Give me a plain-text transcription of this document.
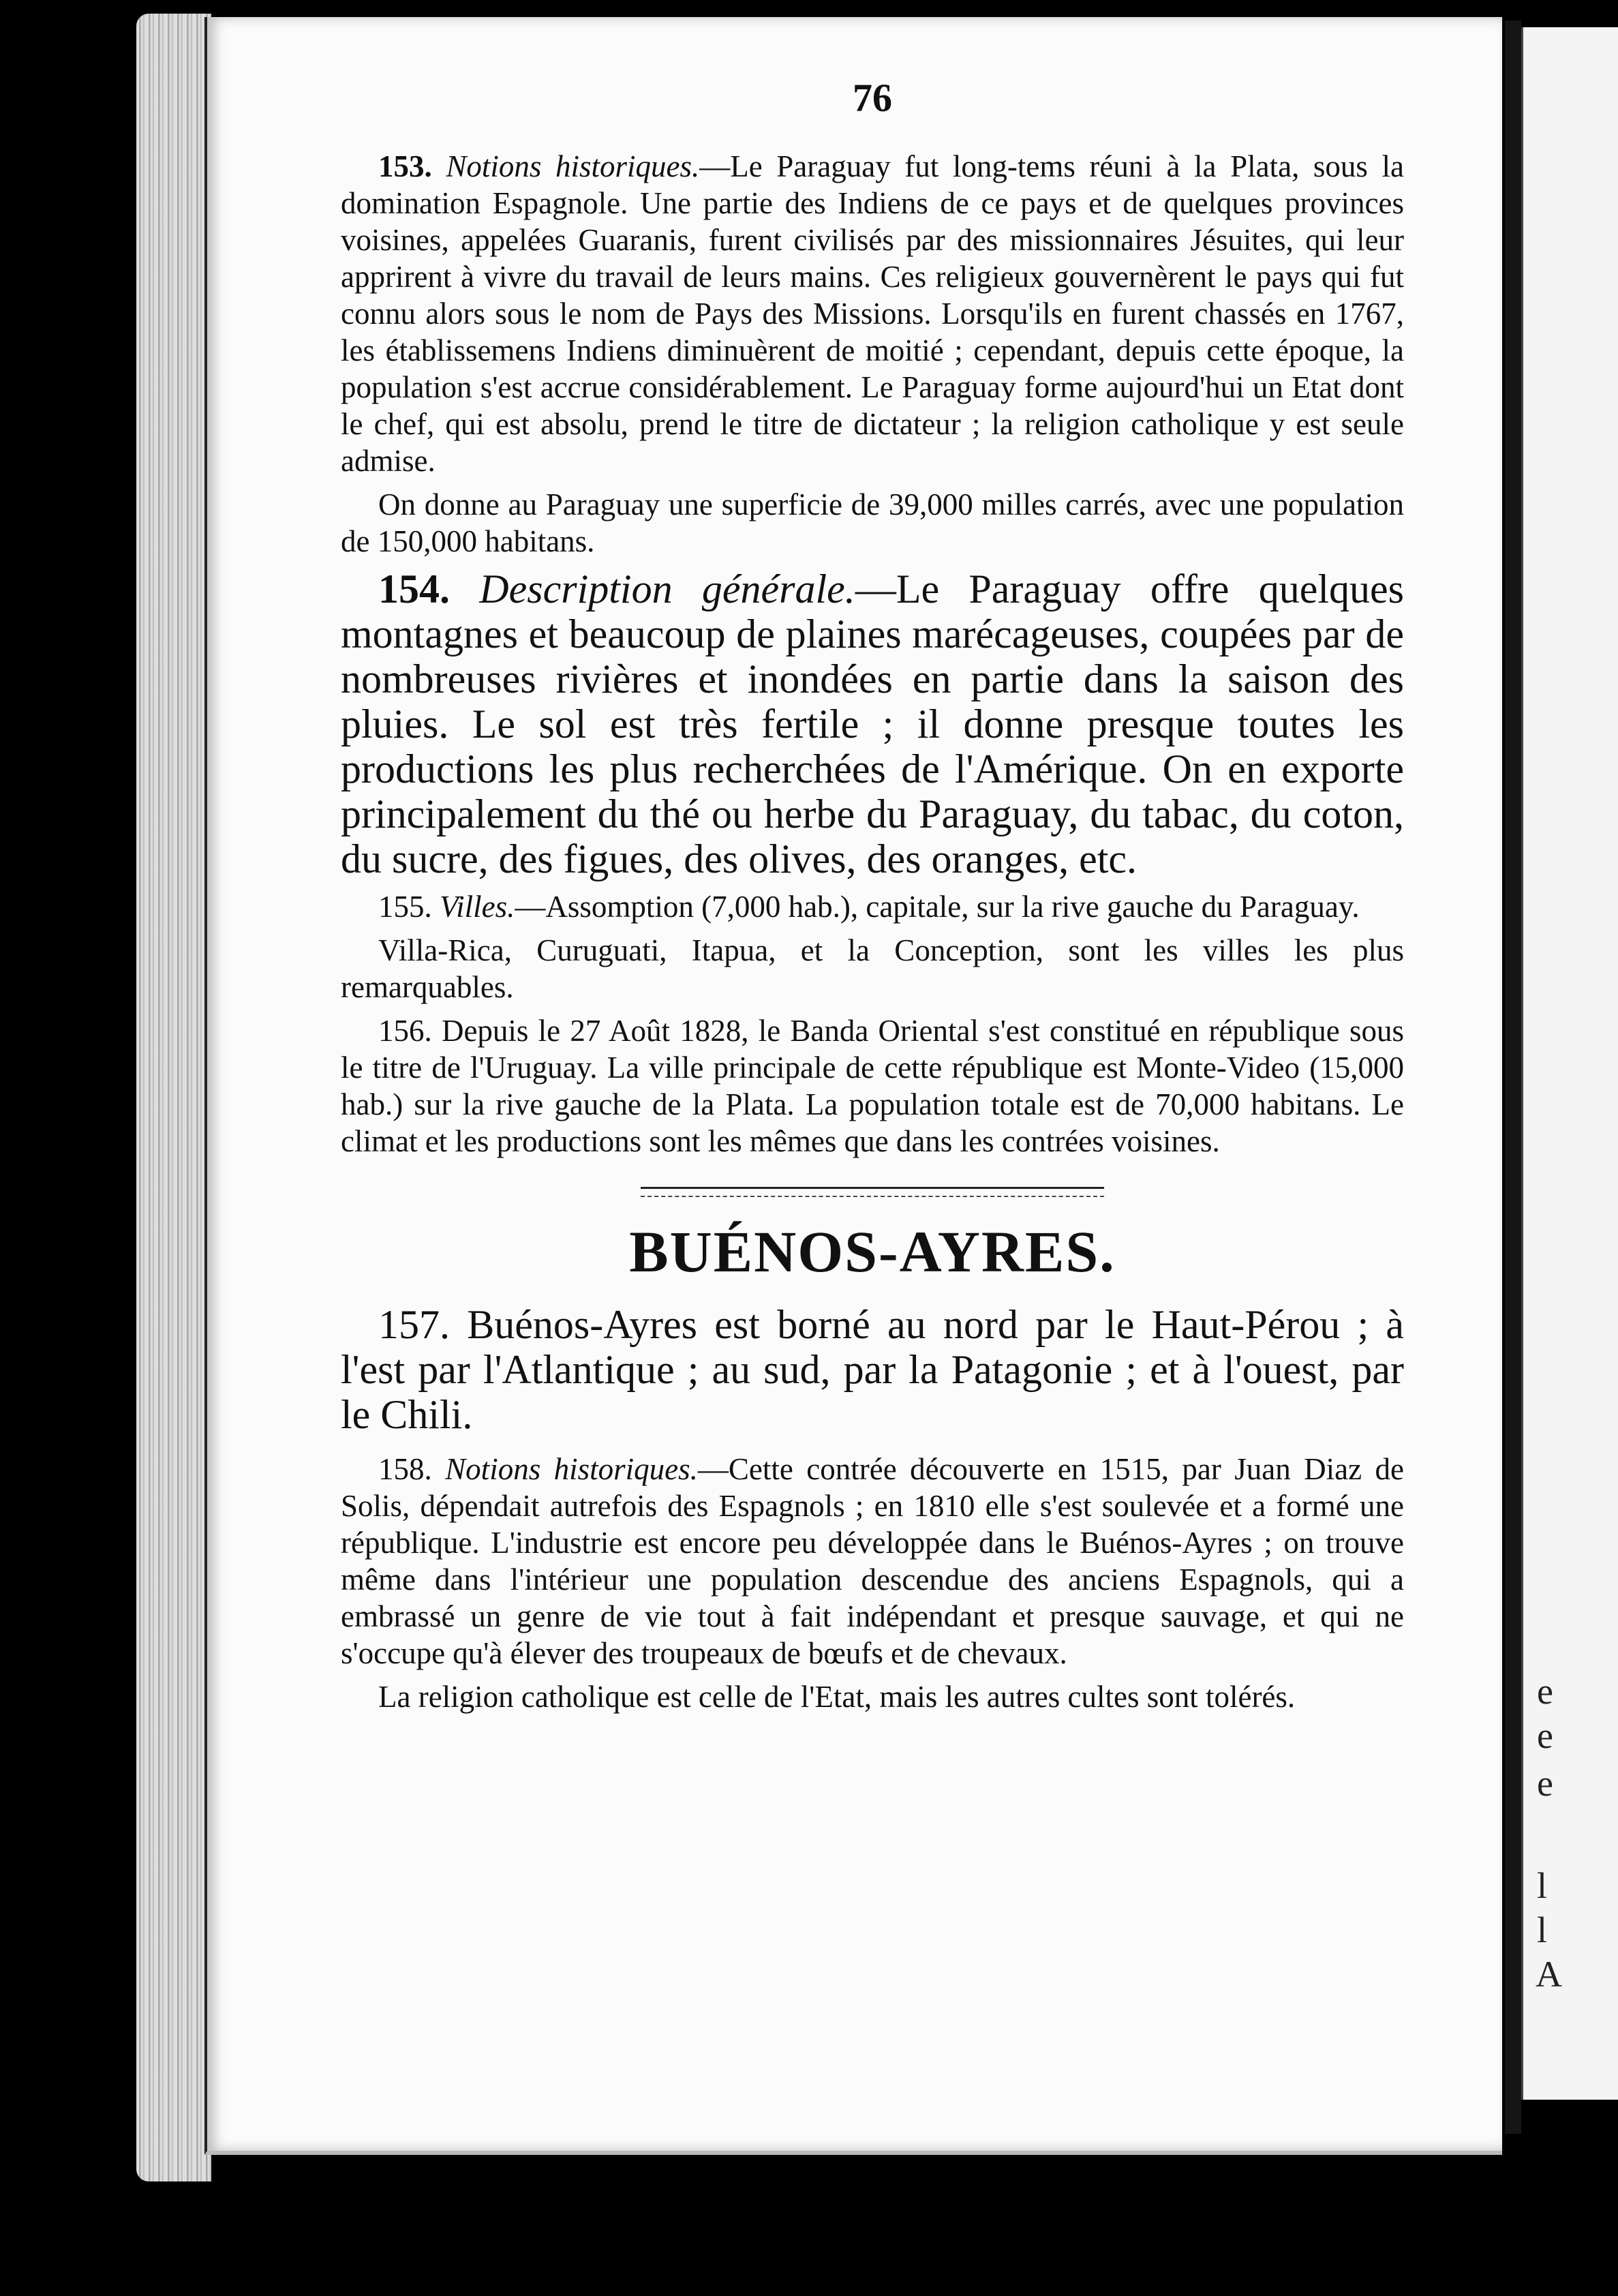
e
e
e
l
l
A
76

153. Notions historiques.—Le Paraguay fut long-tems réuni à la Plata, sous la domination Espagnole. Une partie des Indiens de ce pays et de quelques provinces voisines, appelées Guaranis, furent civilisés par des missionnaires Jésuites, qui leur apprirent à vivre du travail de leurs mains. Ces religieux gouvernèrent le pays qui fut connu alors sous le nom de Pays des Missions. Lorsqu'ils en furent chassés en 1767, les établissemens Indiens diminuèrent de moitié ; cependant, depuis cette époque, la population s'est accrue considérablement. Le Paraguay forme aujourd'hui un Etat dont le chef, qui est absolu, prend le titre de dictateur ; la religion catholique y est seule admise.

On donne au Paraguay une superficie de 39,000 milles carrés, avec une population de 150,000 habitans.

154. Description générale.—Le Paraguay offre quelques montagnes et beaucoup de plaines marécageuses, coupées par de nombreuses rivières et inondées en partie dans la saison des pluies. Le sol est très fertile ; il donne presque toutes les productions les plus recherchées de l'Amérique. On en exporte principalement du thé ou herbe du Paraguay, du tabac, du coton, du sucre, des figues, des olives, des oranges, etc.

155. Villes.—Assomption (7,000 hab.), capitale, sur la rive gauche du Paraguay.

Villa-Rica, Curuguati, Itapua, et la Conception, sont les villes les plus remarquables.

156. Depuis le 27 Août 1828, le Banda Oriental s'est constitué en république sous le titre de l'Uruguay. La ville principale de cette république est Monte-Video (15,000 hab.) sur la rive gauche de la Plata. La population totale est de 70,000 habitans. Le climat et les productions sont les mêmes que dans les contrées voisines.

BUÉNOS-AYRES.

157. Buénos-Ayres est borné au nord par le Haut-Pérou ; à l'est par l'Atlantique ; au sud, par la Patagonie ; et à l'ouest, par le Chili.

158. Notions historiques.—Cette contrée découverte en 1515, par Juan Diaz de Solis, dépendait autrefois des Espagnols ; en 1810 elle s'est soulevée et a formé une république. L'industrie est encore peu développée dans le Buénos-Ayres ; on trouve même dans l'intérieur une population descendue des anciens Espagnols, qui a embrassé un genre de vie tout à fait indépendant et presque sauvage, et qui ne s'occupe qu'à élever des troupeaux de bœufs et de chevaux.

La religion catholique est celle de l'Etat, mais les autres cultes sont tolérés.
